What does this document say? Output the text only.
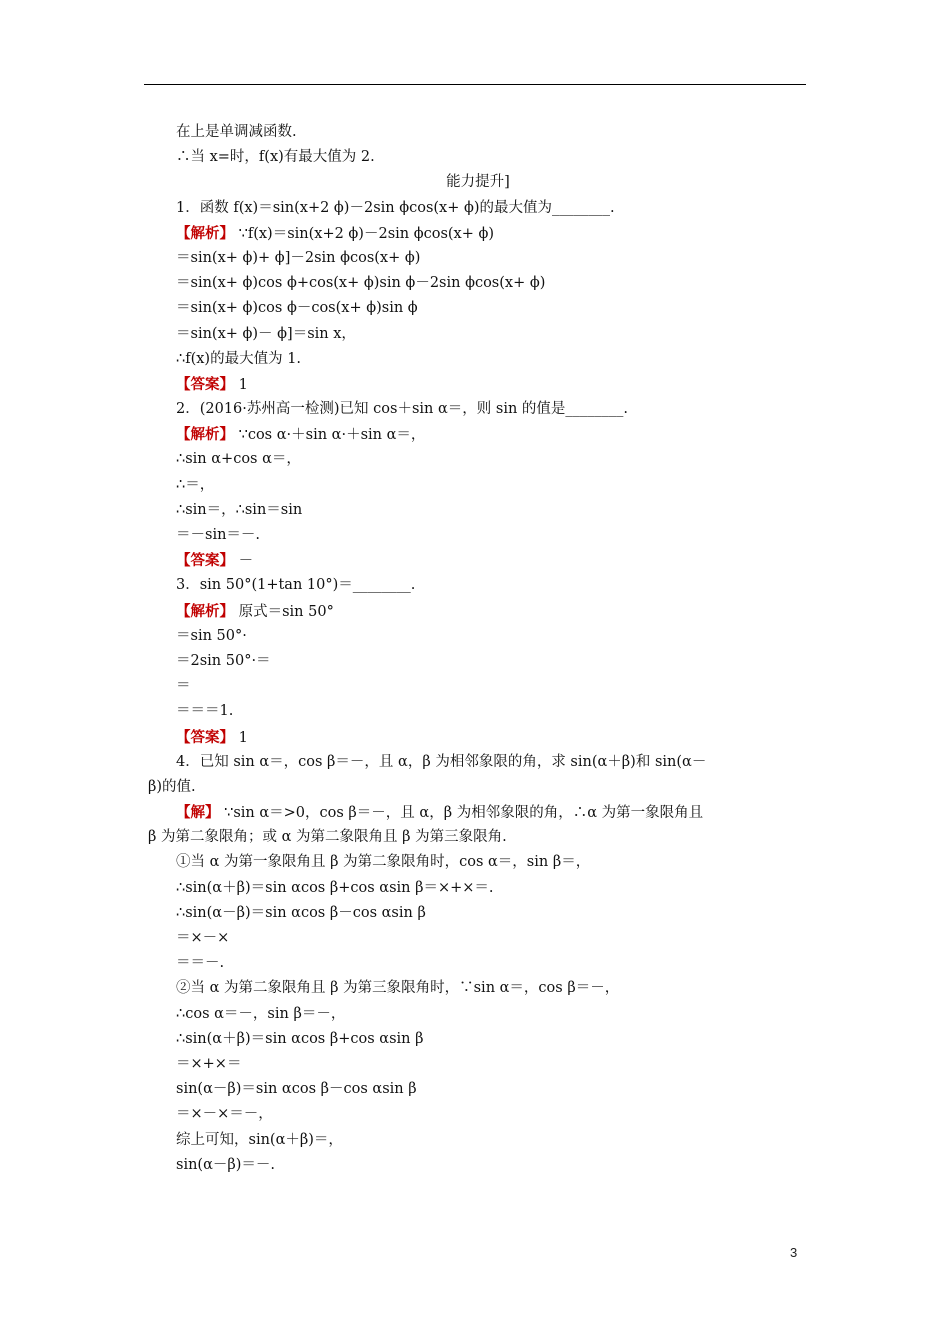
在上是单调减函数.
∴当 x=时，f(x)有最大值为 2.
能力提升]
1．函数 f(x)＝sin(x+2 ϕ)－2sin ϕcos(x+ ϕ)的最大值为________.
【解析】 ∵f(x)＝sin(x+2 ϕ)－2sin ϕcos(x+ ϕ)
＝sin(x+ ϕ)+ ϕ]－2sin ϕcos(x+ ϕ)
＝sin(x+ ϕ)cos ϕ+cos(x+ ϕ)sin ϕ－2sin ϕcos(x+ ϕ)
＝sin(x+ ϕ)cos ϕ－cos(x+ ϕ)sin ϕ
＝sin(x+ ϕ)－ ϕ]＝sin x，
∴f(x)的最大值为 1.
【答案】 1
2．(2016·苏州高一检测)已知 cos＋sin α＝，则 sin 的值是________.
【解析】 ∵cos α·＋sin α·＋sin α＝，
∴sin α+cos α＝，
∴＝，
∴sin＝，∴sin＝sin
＝－sin＝－.
【答案】 －
3．sin 50°(1+tan 10°)＝________.
【解析】 原式＝sin 50°
＝sin 50°·
＝2sin 50°·＝
＝
＝＝＝1.
【答案】 1
4．已知 sin α＝，cos β＝－，且 α，β 为相邻象限的角，求 sin(α＋β)和 sin(α－
β)的值.
【解】 ∵sin α＝>0，cos β＝－，且 α，β 为相邻象限的角，∴α 为第一象限角且
β 为第二象限角；或 α 为第二象限角且 β 为第三象限角.
①当 α 为第一象限角且 β 为第二象限角时，cos α＝，sin β＝，
∴sin(α＋β)＝sin αcos β+cos αsin β＝×+×＝.
∴sin(α－β)＝sin αcos β－cos αsin β
＝×－×
＝＝－.
②当 α 为第二象限角且 β 为第三象限角时，∵sin α＝，cos β＝－，
∴cos α＝－，sin β＝－，
∴sin(α＋β)＝sin αcos β+cos αsin β
＝×+×＝
sin(α－β)＝sin αcos β－cos αsin β
＝×－×＝－，
综上可知，sin(α＋β)＝，
sin(α－β)＝－.
3
